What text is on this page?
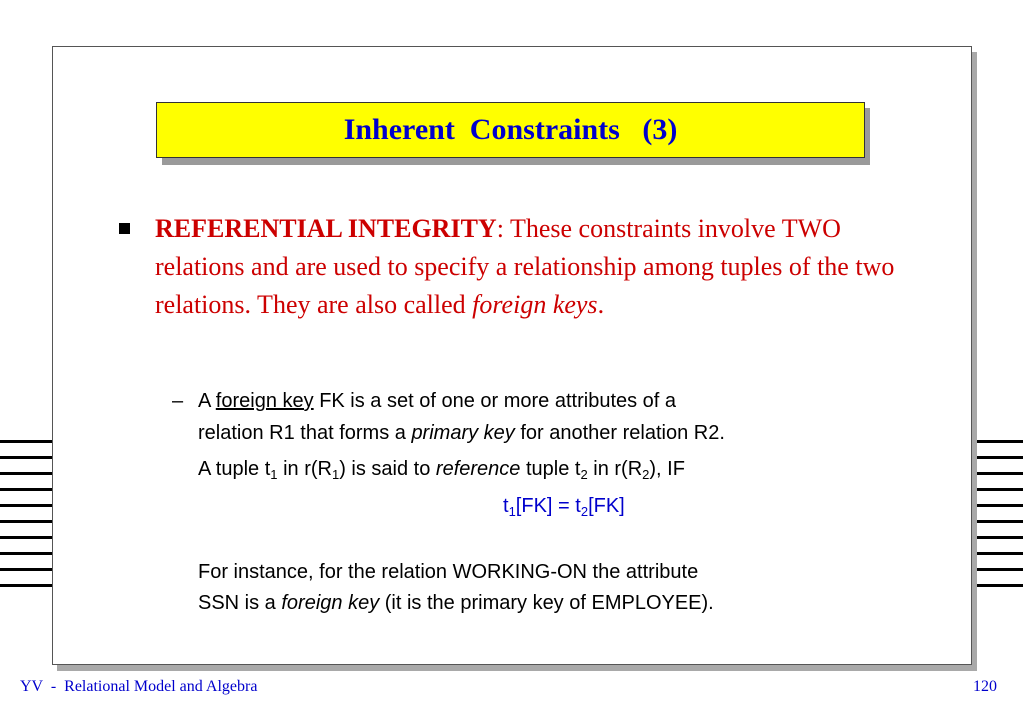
Inherent  Constraints   (3)
REFERENTIAL INTEGRITY: These constraints involve TWO relations and are used to specify a relationship among tuples of the two relations. They are also called foreign keys.
– A foreign key FK is a set of one or more attributes of a
relation R1 that forms a primary key for another relation R2.
A tuple $t_1$ in $r(R_1)$ is said to reference tuple $t_2$ in $r(R_2)$, IF
$t_1[FK] = t_2[FK]$
For instance, for the relation WORKING-ON the attribute
SSN is a foreign key (it is the primary key of EMPLOYEE).
YV  -  Relational Model and Algebra	120
